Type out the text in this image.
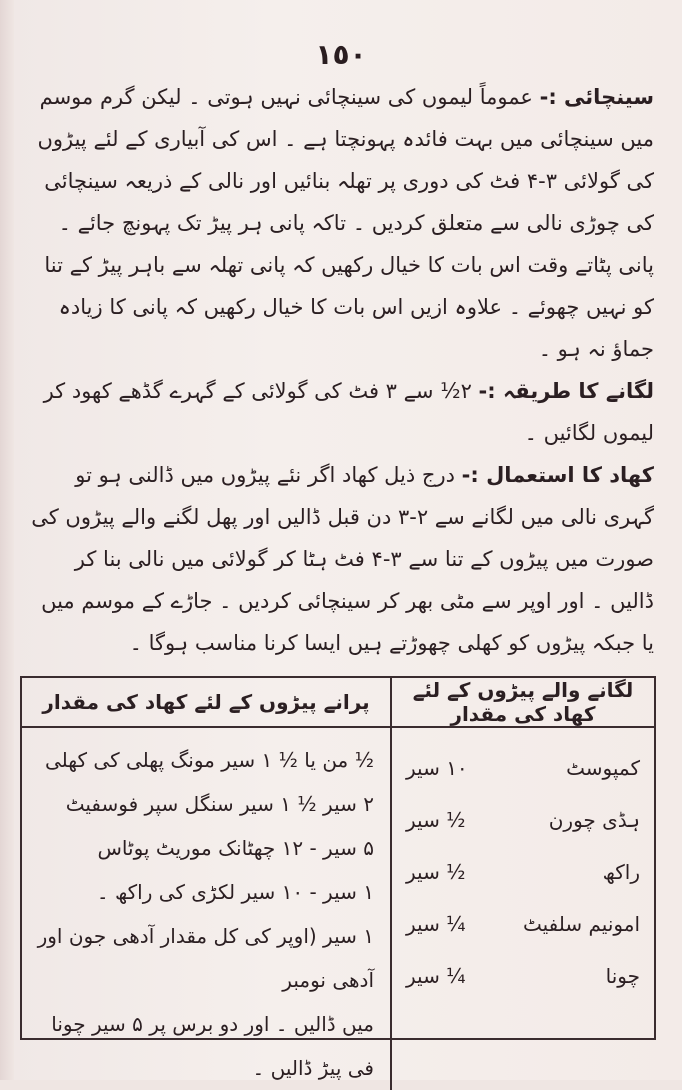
١٥٠

سینچائی :- عموماً لیموں کی سینچائی نہیں ہوتی ۔ لیکن گرم موسم میں سینچائی میں بہت فائدہ پہونچتا ہے ۔ اس کی آبیاری کے لئے پیڑوں کی گولائی ۳-۴ فٹ کی دوری پر تھلہ بنائیں اور نالی کے ذریعہ سینچائی کی چوڑی نالی سے متعلق کردیں ۔ تاکہ پانی ہر پیڑ تک پہونچ جائے ۔ پانی پٹاتے وقت اس بات کا خیال رکھیں کہ پانی تھلہ سے باہر پیڑ کے تنا کو نہیں چھوئے ۔ علاوہ ازیں اس بات کا خیال رکھیں کہ پانی کا زیادہ جماؤ نہ ہو ۔

لگانے کا طریقہ :- ۲½ سے ۳ فٹ کی گولائی کے گہرے گڈھے کھود کر لیموں لگائیں ۔

کھاد کا استعمال :- درج ذیل کھاد اگر نئے پیڑوں میں ڈالنی ہو تو گہری نالی میں لگانے سے ۲-۳ دن قبل ڈالیں اور پھل لگنے والے پیڑوں کی صورت میں پیڑوں کے تنا سے ۳-۴ فٹ ہٹا کر گولائی میں نالی بنا کر ڈالیں ۔ اور اوپر سے مٹی بھر کر سینچائی کردیں ۔ جاڑے کے موسم میں یا جبکہ پیڑوں کو کھلی چھوڑتے ہیں ایسا کرنا مناسب ہوگا ۔

لگانے والے پیڑوں کے لئے کھاد کی مقدار
پرانے پیڑوں کے لئے کھاد کی مقدار
کمپوسٹ
۱۰ سیر
ہڈی چورن
½ سیر
راکھ
½ سیر
امونیم سلفیٹ
¼ سیر
چونا
¼ سیر
½ من یا ½ ۱ سیر مونگ پھلی کی کھلی
۲ سیر ½ ۱ سیر سنگل سپر فوسفیٹ
۵ سیر - ۱۲ چھٹانک موریٹ پوٹاس
۱ سیر - ۱۰ سیر لکڑی کی راکھ ۔
۱ سیر (اوپر کی کل مقدار آدھی جون اور آدھی نومبر
میں ڈالیں ۔ اور دو برس پر ۵ سیر چونا فی پیڑ ڈالیں ۔
